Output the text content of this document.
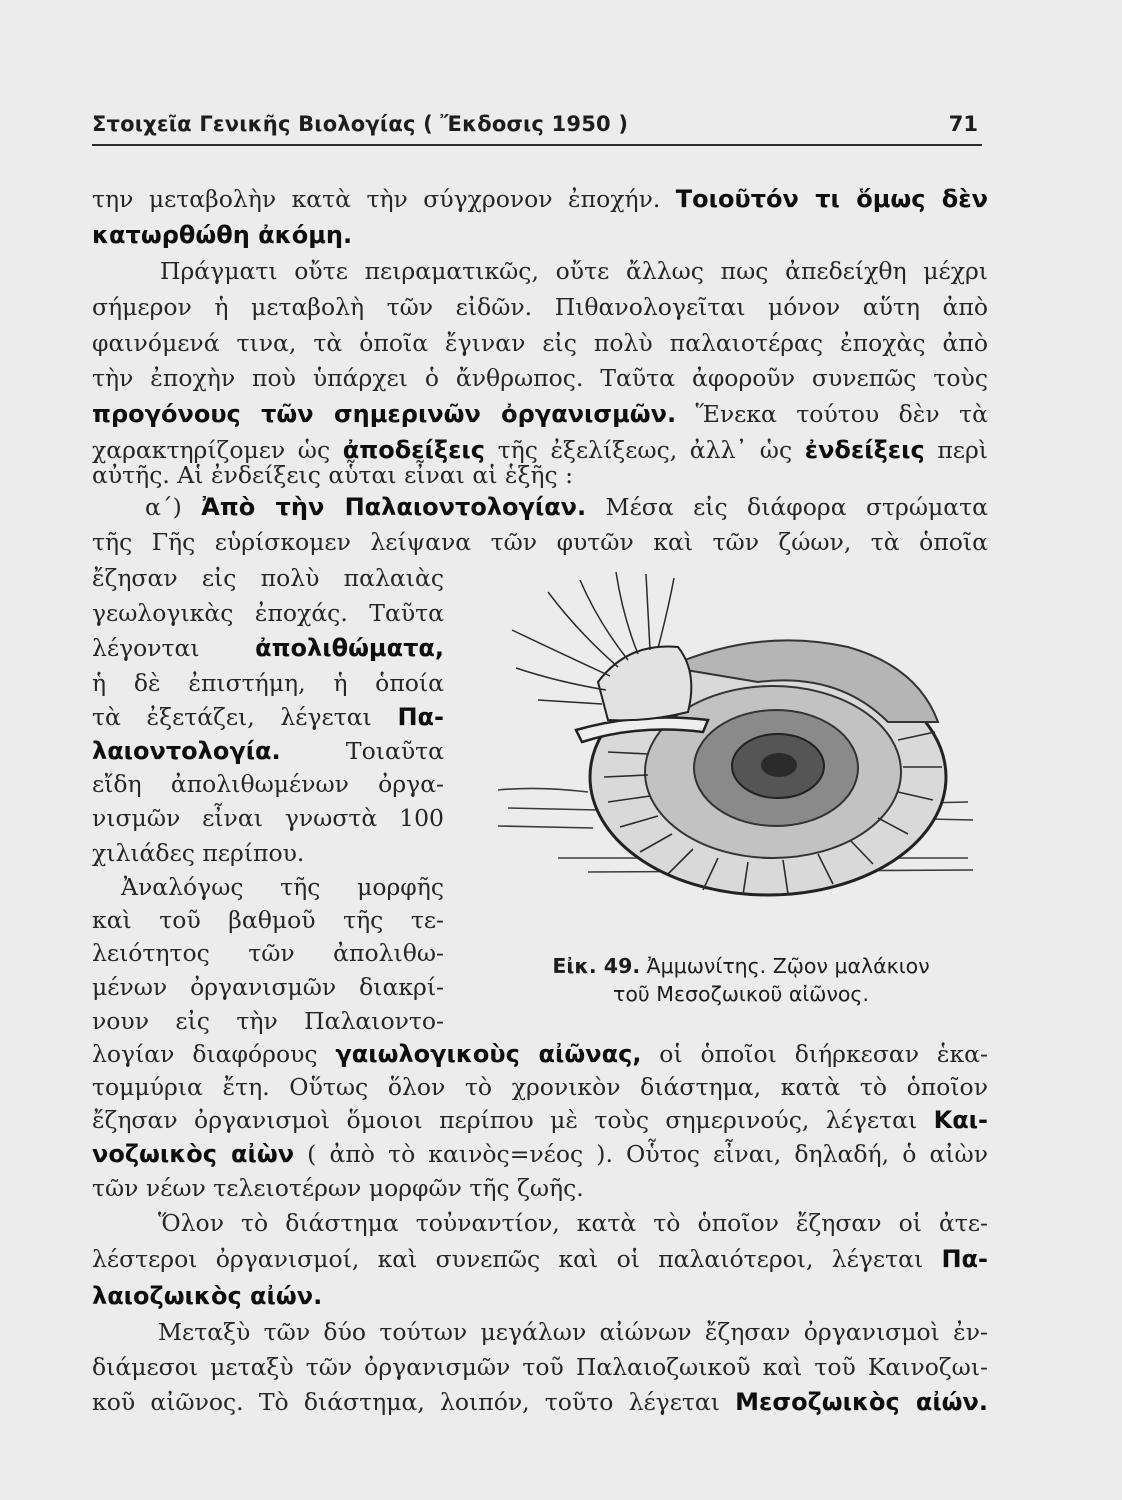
Στοιχεῖα Γενικῆς Βιολογίας ( Ἔκδοσις 1950 )	71
την μεταβολὴν κατὰ τὴν σύγχρονον ἐποχήν. Τοιοῦτόν τι ὅμως δὲν
κατωρθώθη ἀκόμη.
Πράγματι οὔτε πειραματικῶς, οὔτε ἄλλως πως ἀπεδείχθη μέχρι
σήμερον ἡ μεταβολὴ τῶν εἰδῶν. Πιθανολογεῖται μόνον αὕτη ἀπὸ
φαινόμενά τινα, τὰ ὁποῖα ἔγιναν εἰς πολὺ παλαιοτέρας ἐποχὰς ἀπὸ
τὴν ἐποχὴν ποὺ ὑπάρχει ὁ ἄνθρωπος. Ταῦτα ἀφοροῦν συνεπῶς τοὺς
προγόνους τῶν σημερινῶν ὀργανισμῶν. Ἕνεκα τούτου δὲν τὰ
χαρακτηρίζομεν ὡς ἀποδείξεις τῆς ἐξελίξεως, ἀλλ᾽ ὡς ἐνδείξεις περὶ
αὐτῆς. Αἱ ἐνδείξεις αὗται εἶναι αἱ ἑξῆς :
α΄) Ἀπὸ τὴν Παλαιοντολογίαν. Μέσα εἰς διάφορα στρώματα
τῆς Γῆς εὑρίσκομεν λείψανα τῶν φυτῶν καὶ τῶν ζώων, τὰ ὁποῖα
ἔζησαν εἰς πολὺ παλαιὰς
γεωλογικὰς ἐποχάς. Ταῦτα
λέγονται ἀπολιθώματα,
ἡ δὲ ἐπιστήμη, ἡ ὁποία
τὰ ἐξετάζει, λέγεται Πα-
λαιοντολογία. Τοιαῦτα
εἴδη ἀπολιθωμένων ὀργα-
νισμῶν εἶναι γνωστὰ 100
χιλιάδες περίπου.
Ἀναλόγως τῆς μορφῆς
καὶ τοῦ βαθμοῦ τῆς τε-
λειότητος τῶν ἀπολιθω-
μένων ὀργανισμῶν διακρί-
νουν εἰς τὴν Παλαιοντο-
λογίαν διαφόρους γαιωλογικοὺς αἰῶνας, οἱ ὁποῖοι διήρκεσαν ἑκα-
τομμύρια ἔτη. Οὕτως ὅλον τὸ χρονικὸν διάστημα, κατὰ τὸ ὁποῖον
ἔζησαν ὀργανισμοὶ ὅμοιοι περίπου μὲ τοὺς σημερινούς, λέγεται Και-
νοζωικὸς αἰὼν ( ἀπὸ τὸ καινὸς=νέος ). Οὗτος εἶναι, δηλαδή, ὁ αἰὼν
τῶν νέων τελειοτέρων μορφῶν τῆς ζωῆς.
Ὅλον τὸ διάστημα τοὐναντίον, κατὰ τὸ ὁποῖον ἔζησαν οἱ ἀτε-
λέστεροι ὀργανισμοί, καὶ συνεπῶς καὶ οἱ παλαιότεροι, λέγεται Πα-
λαιοζωικὸς αἰών.
Μεταξὺ τῶν δύο τούτων μεγάλων αἰώνων ἔζησαν ὀργανισμοὶ ἐν-
διάμεσοι μεταξὺ τῶν ὀργανισμῶν τοῦ Παλαιοζωικοῦ καὶ τοῦ Καινοζωι-
κοῦ αἰῶνος. Τὸ διάστημα, λοιπόν, τοῦτο λέγεται Μεσοζωικὸς αἰών.
Εἰκ. 49. Ἀμμωνίτης. Ζῷον μαλάκιον
τοῦ Μεσοζωικοῦ αἰῶνος.
